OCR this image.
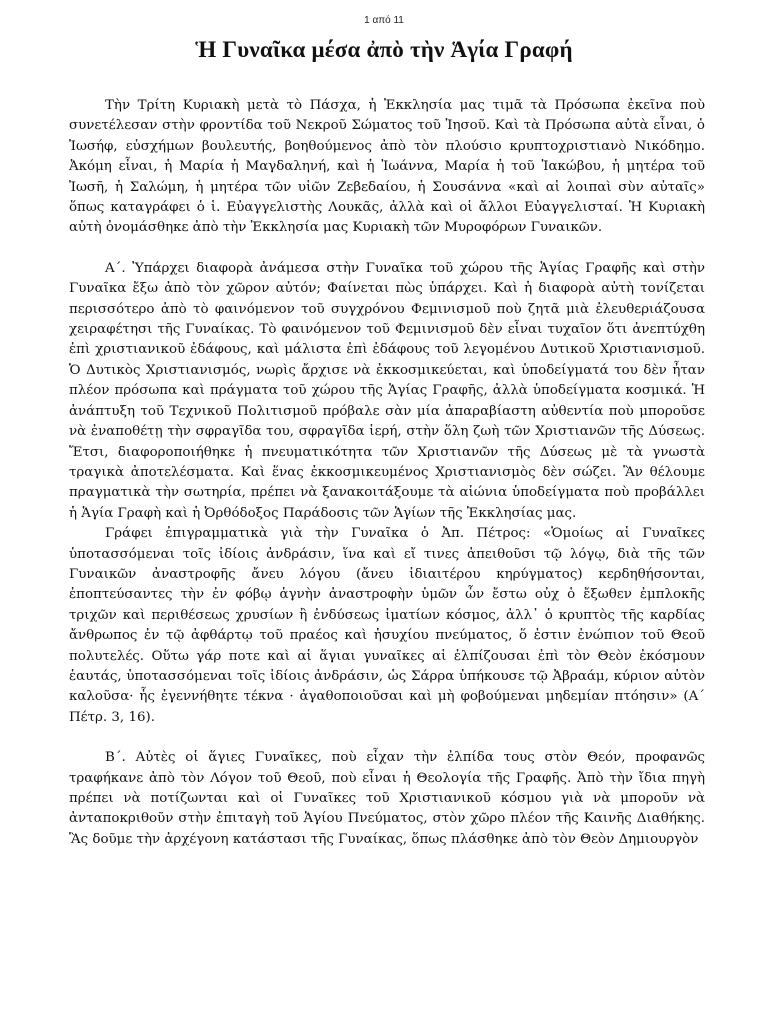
1 από 11
Ἡ Γυναῖκα μέσα ἀπὸ τὴν Ἁγία Γραφή

Τὴν Τρίτη Κυριακὴ μετὰ τὸ Πάσχα, ἡ Ἐκκλησία μας τιμᾶ τὰ Πρόσωπα ἐκεῖνα ποὺ συνετέλεσαν στὴν φροντίδα τοῦ Νεκροῦ Σώματος τοῦ Ἰησοῦ. Καὶ τὰ Πρόσωπα αὐτὰ εἶναι, ὁ Ἰωσήφ, εὐσχήμων βουλευτής, βοηθούμενος ἀπὸ τὸν πλούσιο κρυπτοχριστιανὸ Νικόδημο. Ἀκόμη εἶναι, ἡ Μαρία ἡ Μαγδαληνή, καὶ ἡ Ἰωάννα, Μαρία ἡ τοῦ Ἰακώβου, ἡ μητέρα τοῦ Ἰωσῆ, ἡ Σαλώμη, ἡ μητέρα τῶν υἱῶν Ζεβεδαίου, ἡ Σουσάννα «καὶ αἱ λοιπαὶ σὺν αὐταῖς» ὅπως καταγράφει ὁ ἱ. Εὐαγγελιστὴς Λουκᾶς, ἀλλὰ καὶ οἱ ἄλλοι Εὐαγγελισταί. Ἡ Κυριακὴ αὐτὴ ὀνομάσθηκε ἀπὸ τὴν Ἐκκλησία μας Κυριακὴ τῶν Μυροφόρων Γυναικῶν.

Α΄. Ὑπάρχει διαφορὰ ἀνάμεσα στὴν Γυναῖκα τοῦ χώρου τῆς Ἁγίας Γραφῆς καὶ στὴν Γυναῖκα ἔξω ἀπὸ τὸν χῶρον αὐτόν; Φαίνεται πὼς ὑπάρχει. Καὶ ἡ διαφορὰ αὐτὴ τονίζεται περισσότερο ἀπὸ τὸ φαινόμενον τοῦ συγχρόνου Φεμινισμοῦ ποὺ ζητᾶ μιὰ ἐλευθεριάζουσα χειραφέτησι τῆς Γυναίκας. Τὸ φαινόμενον τοῦ Φεμινισμοῦ δὲν εἶναι τυχαῖον ὅτι ἀνεπτύχθη ἐπὶ χριστιανικοῦ ἐδάφους, καὶ μάλιστα ἐπὶ ἐδάφους τοῦ λεγομένου Δυτικοῦ Χριστιανισμοῦ. Ὁ Δυτικὸς Χριστιανισμός, νωρὶς ἄρχισε νὰ ἐκκοσμικεύεται, καὶ ὑποδείγματά του δὲν ἦταν πλέον πρόσωπα καὶ πράγματα τοῦ χώρου τῆς Ἁγίας Γραφῆς, ἀλλὰ ὑποδείγματα κοσμικά. Ἡ ἀνάπτυξη τοῦ Τεχνικοῦ Πολιτισμοῦ πρόβαλε σὰν μία ἀπαραβίαστη αὐθεντία ποὺ μποροῦσε νὰ ἐναποθέτῃ τὴν σφραγῖδα του, σφραγῖδα ἱερή, στὴν ὅλη ζωὴ τῶν Χριστιανῶν τῆς Δύσεως. Ἔτσι, διαφοροποιήθηκε ἡ πνευματικότητα τῶν Χριστιανῶν τῆς Δύσεως μὲ τὰ γνωστὰ τραγικὰ ἀποτελέσματα. Καὶ ἕνας ἐκκοσμικευμένος Χριστιανισμὸς δὲν σώζει. Ἂν θέλουμε πραγματικὰ τὴν σωτηρία, πρέπει νὰ ξανακοιτάξουμε τὰ αἰώνια ὑποδείγματα ποὺ προβάλλει ἡ Ἁγία Γραφὴ καὶ ἡ Ὀρθόδοξος Παράδοσις τῶν Ἁγίων τῆς Ἐκκλησίας μας.

Γράφει ἐπιγραμματικὰ γιὰ τὴν Γυναῖκα ὁ Ἀπ. Πέτρος: «Ὁμοίως αἱ Γυναῖκες ὑποτασσόμεναι τοῖς ἰδίοις ἀνδράσιν, ἵνα καὶ εἴ τινες ἀπειθοῦσι τῷ λόγῳ, διὰ τῆς τῶν Γυναικῶν ἀναστροφῆς ἄνευ λόγου (ἄνευ ἰδιαιτέρου κηρύγματος) κερδηθήσονται, ἐποπτεύσαντες τὴν ἐν φόβῳ ἁγνὴν ἀναστροφὴν ὑμῶν ὧν ἔστω οὐχ ὁ ἔξωθεν ἐμπλοκῆς τριχῶν καὶ περιθέσεως χρυσίων ἢ ἐνδύσεως ἱματίων κόσμος, ἀλλ᾽ ὁ κρυπτὸς τῆς καρδίας ἄνθρωπος ἐν τῷ ἀφθάρτῳ τοῦ πραέος καὶ ἡσυχίου πνεύματος, ὅ ἐστιν ἐνώπιον τοῦ Θεοῦ πολυτελές. Οὕτω γάρ ποτε καὶ αἱ ἅγιαι γυναῖκες αἱ ἐλπίζουσαι ἐπὶ τὸν Θεὸν ἐκόσμουν ἑαυτάς, ὑποτασσόμεναι τοῖς ἰδίοις ἀνδράσιν, ὡς Σάρρα ὑπήκουσε τῷ Ἀβραάμ, κύριον αὐτὸν καλοῦσα· ἧς ἐγεννήθητε τέκνα · ἀγαθοποιοῦσαι καὶ μὴ φοβούμεναι μηδεμίαν πτόησιν» (Α΄ Πέτρ. 3, 16).

Β΄. Αὐτὲς οἱ ἅγιες Γυναῖκες, ποὺ εἶχαν τὴν ἐλπίδα τους στὸν Θεόν, προφανῶς τραφήκανε ἀπὸ τὸν Λόγον τοῦ Θεοῦ, ποὺ εἶναι ἡ Θεολογία τῆς Γραφῆς. Ἀπὸ τὴν ἴδια πηγὴ πρέπει νὰ ποτίζωνται καὶ οἱ Γυναῖκες τοῦ Χριστιανικοῦ κόσμου γιὰ νὰ μποροῦν νὰ ἀνταποκριθοῦν στὴν ἐπιταγὴ τοῦ Ἁγίου Πνεύματος, στὸν χῶρο πλέον τῆς Καινῆς Διαθήκης. Ἂς δοῦμε τὴν ἀρχέγονη κατάστασι τῆς Γυναίκας, ὅπως πλάσθηκε ἀπὸ τὸν Θεὸν Δημιουργὸν
